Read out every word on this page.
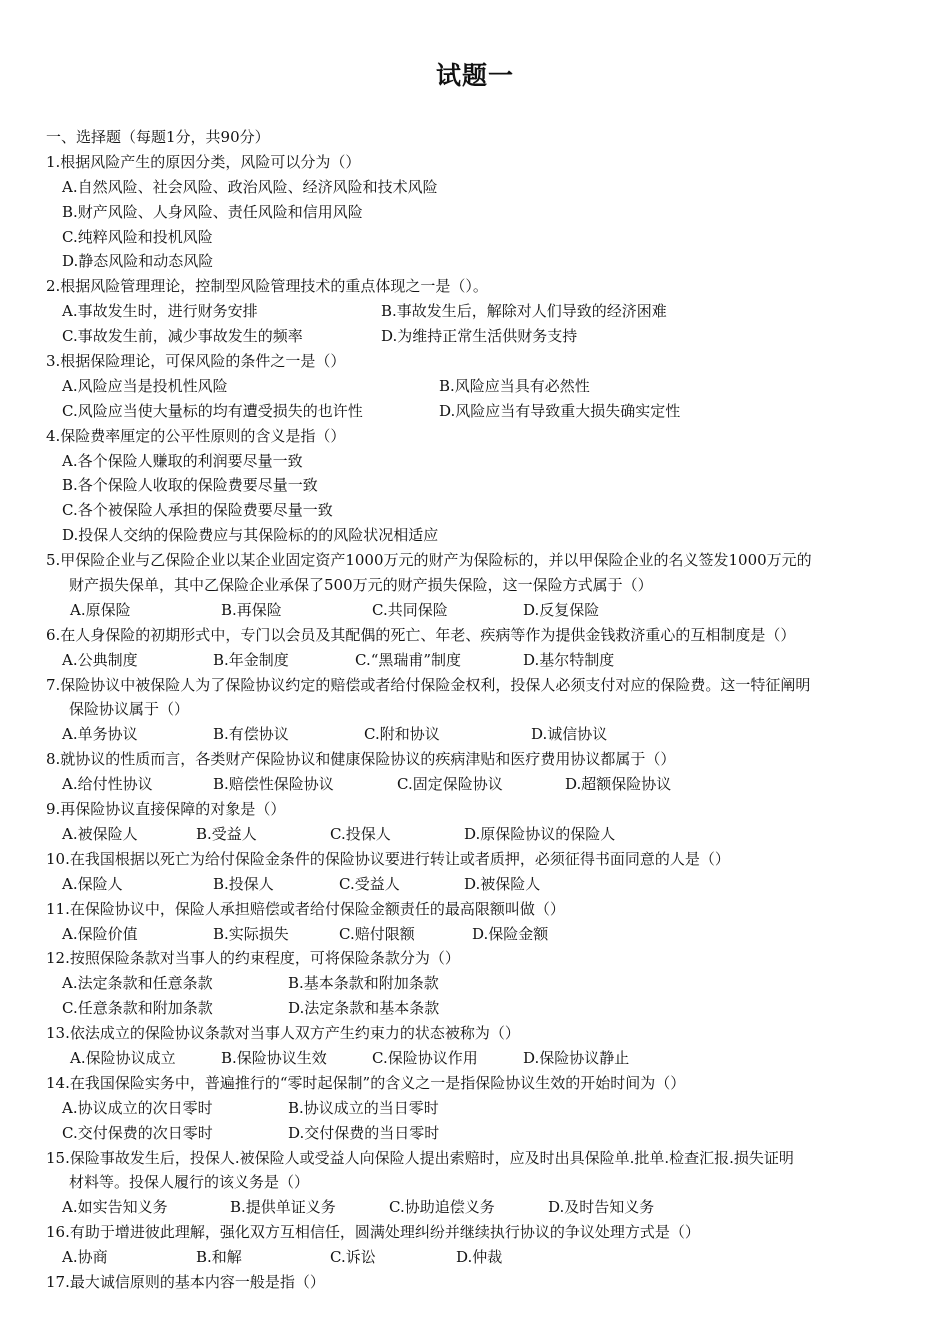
试题一
一、选择题（每题1分，共90分）
1.根据风险产生的原因分类，风险可以分为（）
A.自然风险、社会风险、政治风险、经济风险和技术风险
B.财产风险、人身风险、责任风险和信用风险
C.纯粹风险和投机风险
D.静态风险和动态风险
2.根据风险管理理论，控制型风险管理技术的重点体现之一是（）。
A.事故发生时，进行财务安排	B.事故发生后，解除对人们导致的经济困难
C.事故发生前，减少事故发生的频率	D.为维持正常生活供财务支持
3.根据保险理论，可保风险的条件之一是（）
A.风险应当是投机性风险	B.风险应当具有必然性
C.风险应当使大量标的均有遭受损失的也许性	D.风险应当有导致重大损失确实定性
4.保险费率厘定的公平性原则的含义是指（）
A.各个保险人赚取的利润要尽量一致
B.各个保险人收取的保险费要尽量一致
C.各个被保险人承担的保险费要尽量一致
D.投保人交纳的保险费应与其保险标的的风险状况相适应
5.甲保险企业与乙保险企业以某企业固定资产1000万元的财产为保险标的，并以甲保险企业的名义签发1000万元的
财产损失保单，其中乙保险企业承保了500万元的财产损失保险，这一保险方式属于（）
A.原保险	B.再保险	C.共同保险	D.反复保险
6.在人身保险的初期形式中，专门以会员及其配偶的死亡、年老、疾病等作为提供金钱救济重心的互相制度是（）
A.公典制度	B.年金制度	C.“黑瑞甫”制度	D.基尔特制度
7.保险协议中被保险人为了保险协议约定的赔偿或者给付保险金权利，投保人必须支付对应的保险费。这一特征阐明
保险协议属于（）
A.单务协议	B.有偿协议	C.附和协议	D.诚信协议
8.就协议的性质而言，各类财产保险协议和健康保险协议的疾病津贴和医疗费用协议都属于（）
A.给付性协议	B.赔偿性保险协议	C.固定保险协议	D.超额保险协议
9.再保险协议直接保障的对象是（）
A.被保险人	B.受益人	C.投保人	D.原保险协议的保险人
10.在我国根据以死亡为给付保险金条件的保险协议要进行转让或者质押，必须征得书面同意的人是（）
A.保险人	B.投保人	C.受益人	D.被保险人
11.在保险协议中，保险人承担赔偿或者给付保险金额责任的最高限额叫做（）
A.保险价值	B.实际损失	C.赔付限额	D.保险金额
12.按照保险条款对当事人的约束程度，可将保险条款分为（）
A.法定条款和任意条款	B.基本条款和附加条款
C.任意条款和附加条款	D.法定条款和基本条款
13.依法成立的保险协议条款对当事人双方产生约束力的状态被称为（）
A.保险协议成立	B.保险协议生效	C.保险协议作用	D.保险协议静止
14.在我国保险实务中，普遍推行的“零时起保制”的含义之一是指保险协议生效的开始时间为（）
A.协议成立的次日零时	B.协议成立的当日零时
C.交付保费的次日零时	D.交付保费的当日零时
15.保险事故发生后，投保人.被保险人或受益人向保险人提出索赔时，应及时出具保险单.批单.检查汇报.损失证明
材料等。投保人履行的该义务是（）
A.如实告知义务	B.提供单证义务	C.协助追偿义务	D.及时告知义务
16.有助于增进彼此理解，强化双方互相信任，圆满处理纠纷并继续执行协议的争议处理方式是（）
A.协商	B.和解	C.诉讼	D.仲裁
17.最大诚信原则的基本内容一般是指（）
